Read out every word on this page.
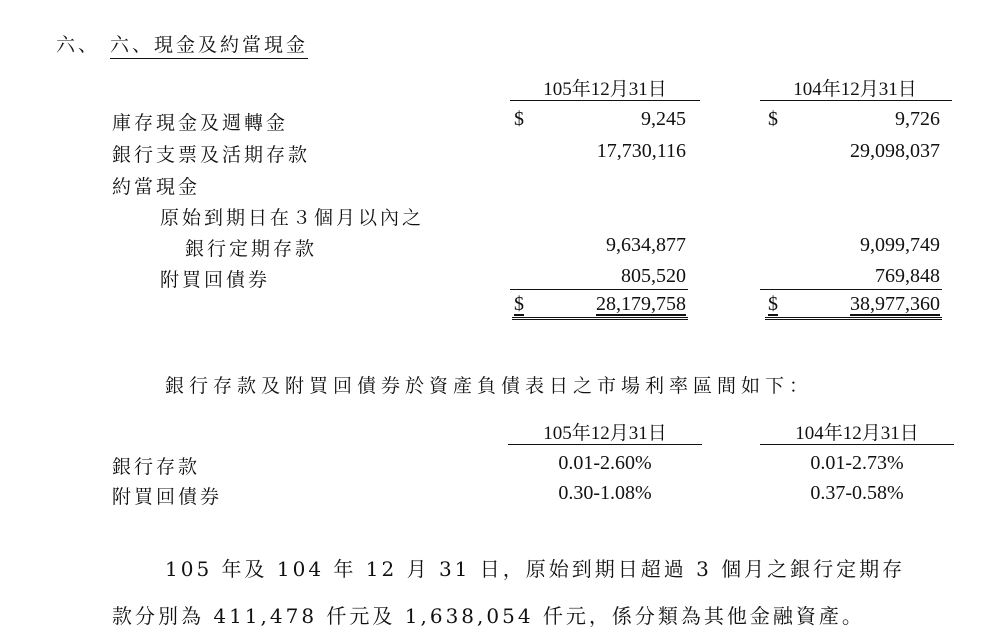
六、 六、現金及約當現金
105年12月31日	104年12月31日
庫存現金及週轉金	$	9,245	$	9,726
銀行支票及活期存款	17,730,116	29,098,037
約當現金
原始到期日在３個月以內之
銀行定期存款	9,634,877	9,099,749
附買回債券	805,520	769,848
$	28,179,758	$	38,977,360
銀行存款及附買回債券於資產負債表日之市場利率區間如下：
105年12月31日	104年12月31日
銀行存款	0.01-2.60%	0.01-2.73%
附買回債券	0.30-1.08%	0.37-0.58%
105 年及 104 年 12 月 31 日，原始到期日超過 3 個月之銀行定期存
款分別為 411,478 仟元及 1,638,054 仟元，係分類為其他金融資產。
